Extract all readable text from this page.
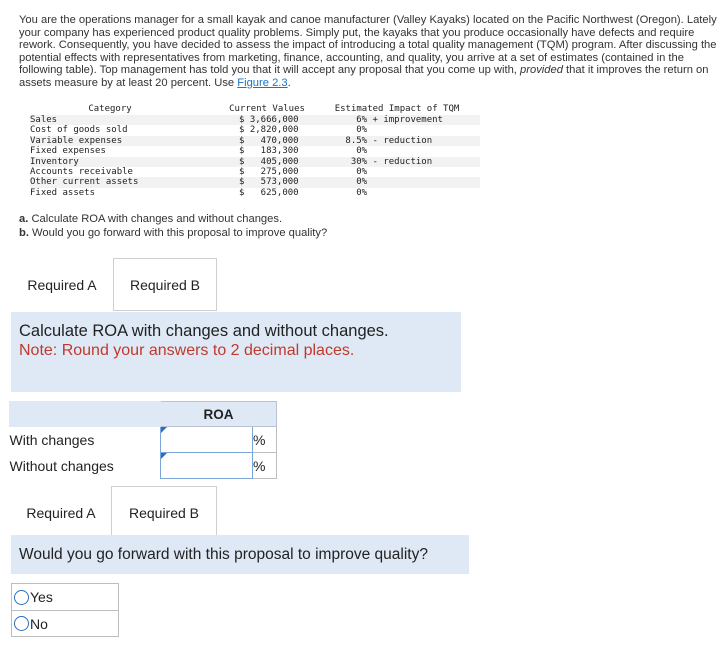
You are the operations manager for a small kayak and canoe manufacturer (Valley Kayaks) located on the Pacific Northwest (Oregon). Lately your company has experienced product quality problems. Simply put, the kayaks that you produce occasionally have defects and require rework. Consequently, you have decided to assess the impact of introducing a total quality management (TQM) program. After discussing the potential effects with representatives from marketing, finance, accounting, and quality, you arrive at a set of estimates (contained in the following table). Top management has told you that it will accept any proposal that you come up with, provided that it improves the return on assets measure by at least 20 percent. Use Figure 2.3.
Category	Current Values	Estimated Impact of TQM
Sales	$ 3,666,000	6% + improvement
Cost of goods sold	$ 2,820,000	0%
Variable expenses	$   470,000	8.5% - reduction
Fixed expenses	$   183,300	0%
Inventory	$   405,000	30% - reduction
Accounts receivable	$   275,000	0%
Other current assets	$   573,000	0%
Fixed assets	$   625,000	0%
a. Calculate ROA with changes and without changes.
b. Would you go forward with this proposal to improve quality?
Required A	Required B
Calculate ROA with changes and without changes.
Note: Round your answers to 2 decimal places.
	ROA	
With changes		%
Without changes		%
Required A	Required B
Would you go forward with this proposal to improve quality?
Yes
No
